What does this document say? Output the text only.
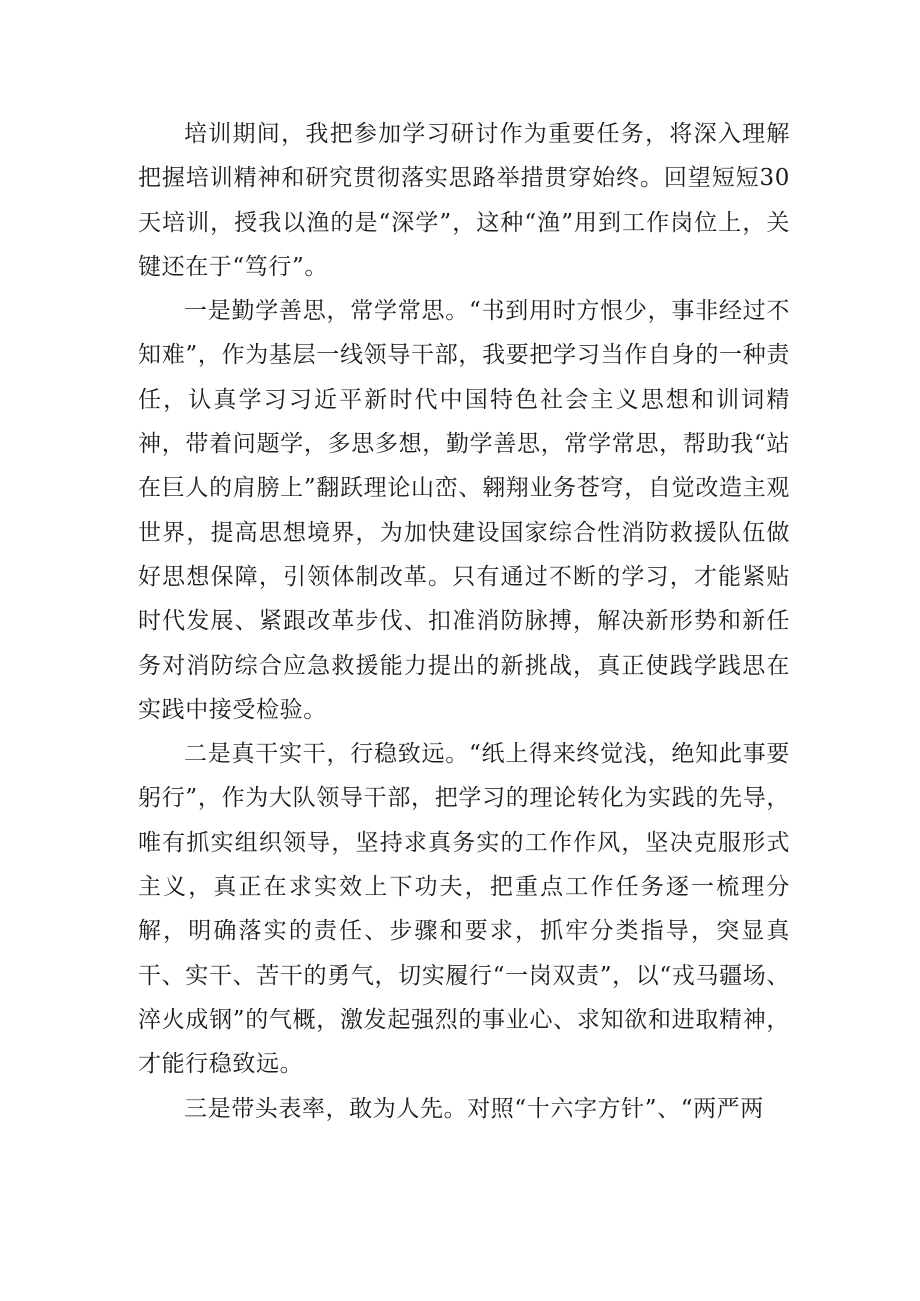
培训期间，我把参加学习研讨作为重要任务，将深入理解把握培训精神和研究贯彻落实思路举措贯穿始终。回望短短30天培训，授我以渔的是“深学”，这种“渔”用到工作岗位上，关键还在于“笃行”。

一是勤学善思，常学常思。“书到用时方恨少，事非经过不知难”，作为基层一线领导干部，我要把学习当作自身的一种责任，认真学习习近平新时代中国特色社会主义思想和训词精神，带着问题学，多思多想，勤学善思，常学常思，帮助我“站在巨人的肩膀上”翻跃理论山峦、翱翔业务苍穹，自觉改造主观世界，提高思想境界，为加快建设国家综合性消防救援队伍做好思想保障，引领体制改革。只有通过不断的学习，才能紧贴时代发展、紧跟改革步伐、扣准消防脉搏，解决新形势和新任务对消防综合应急救援能力提出的新挑战，真正使践学践思在实践中接受检验。

二是真干实干，行稳致远。“纸上得来终觉浅，绝知此事要躬行”，作为大队领导干部，把学习的理论转化为实践的先导，唯有抓实组织领导，坚持求真务实的工作作风，坚决克服形式主义，真正在求实效上下功夫，把重点工作任务逐一梳理分解，明确落实的责任、步骤和要求，抓牢分类指导，突显真干、实干、苦干的勇气，切实履行“一岗双责”，以“戎马疆场、淬火成钢”的气概，激发起强烈的事业心、求知欲和进取精神，才能行稳致远。

三是带头表率，敢为人先。对照“十六字方针”、“两严两
